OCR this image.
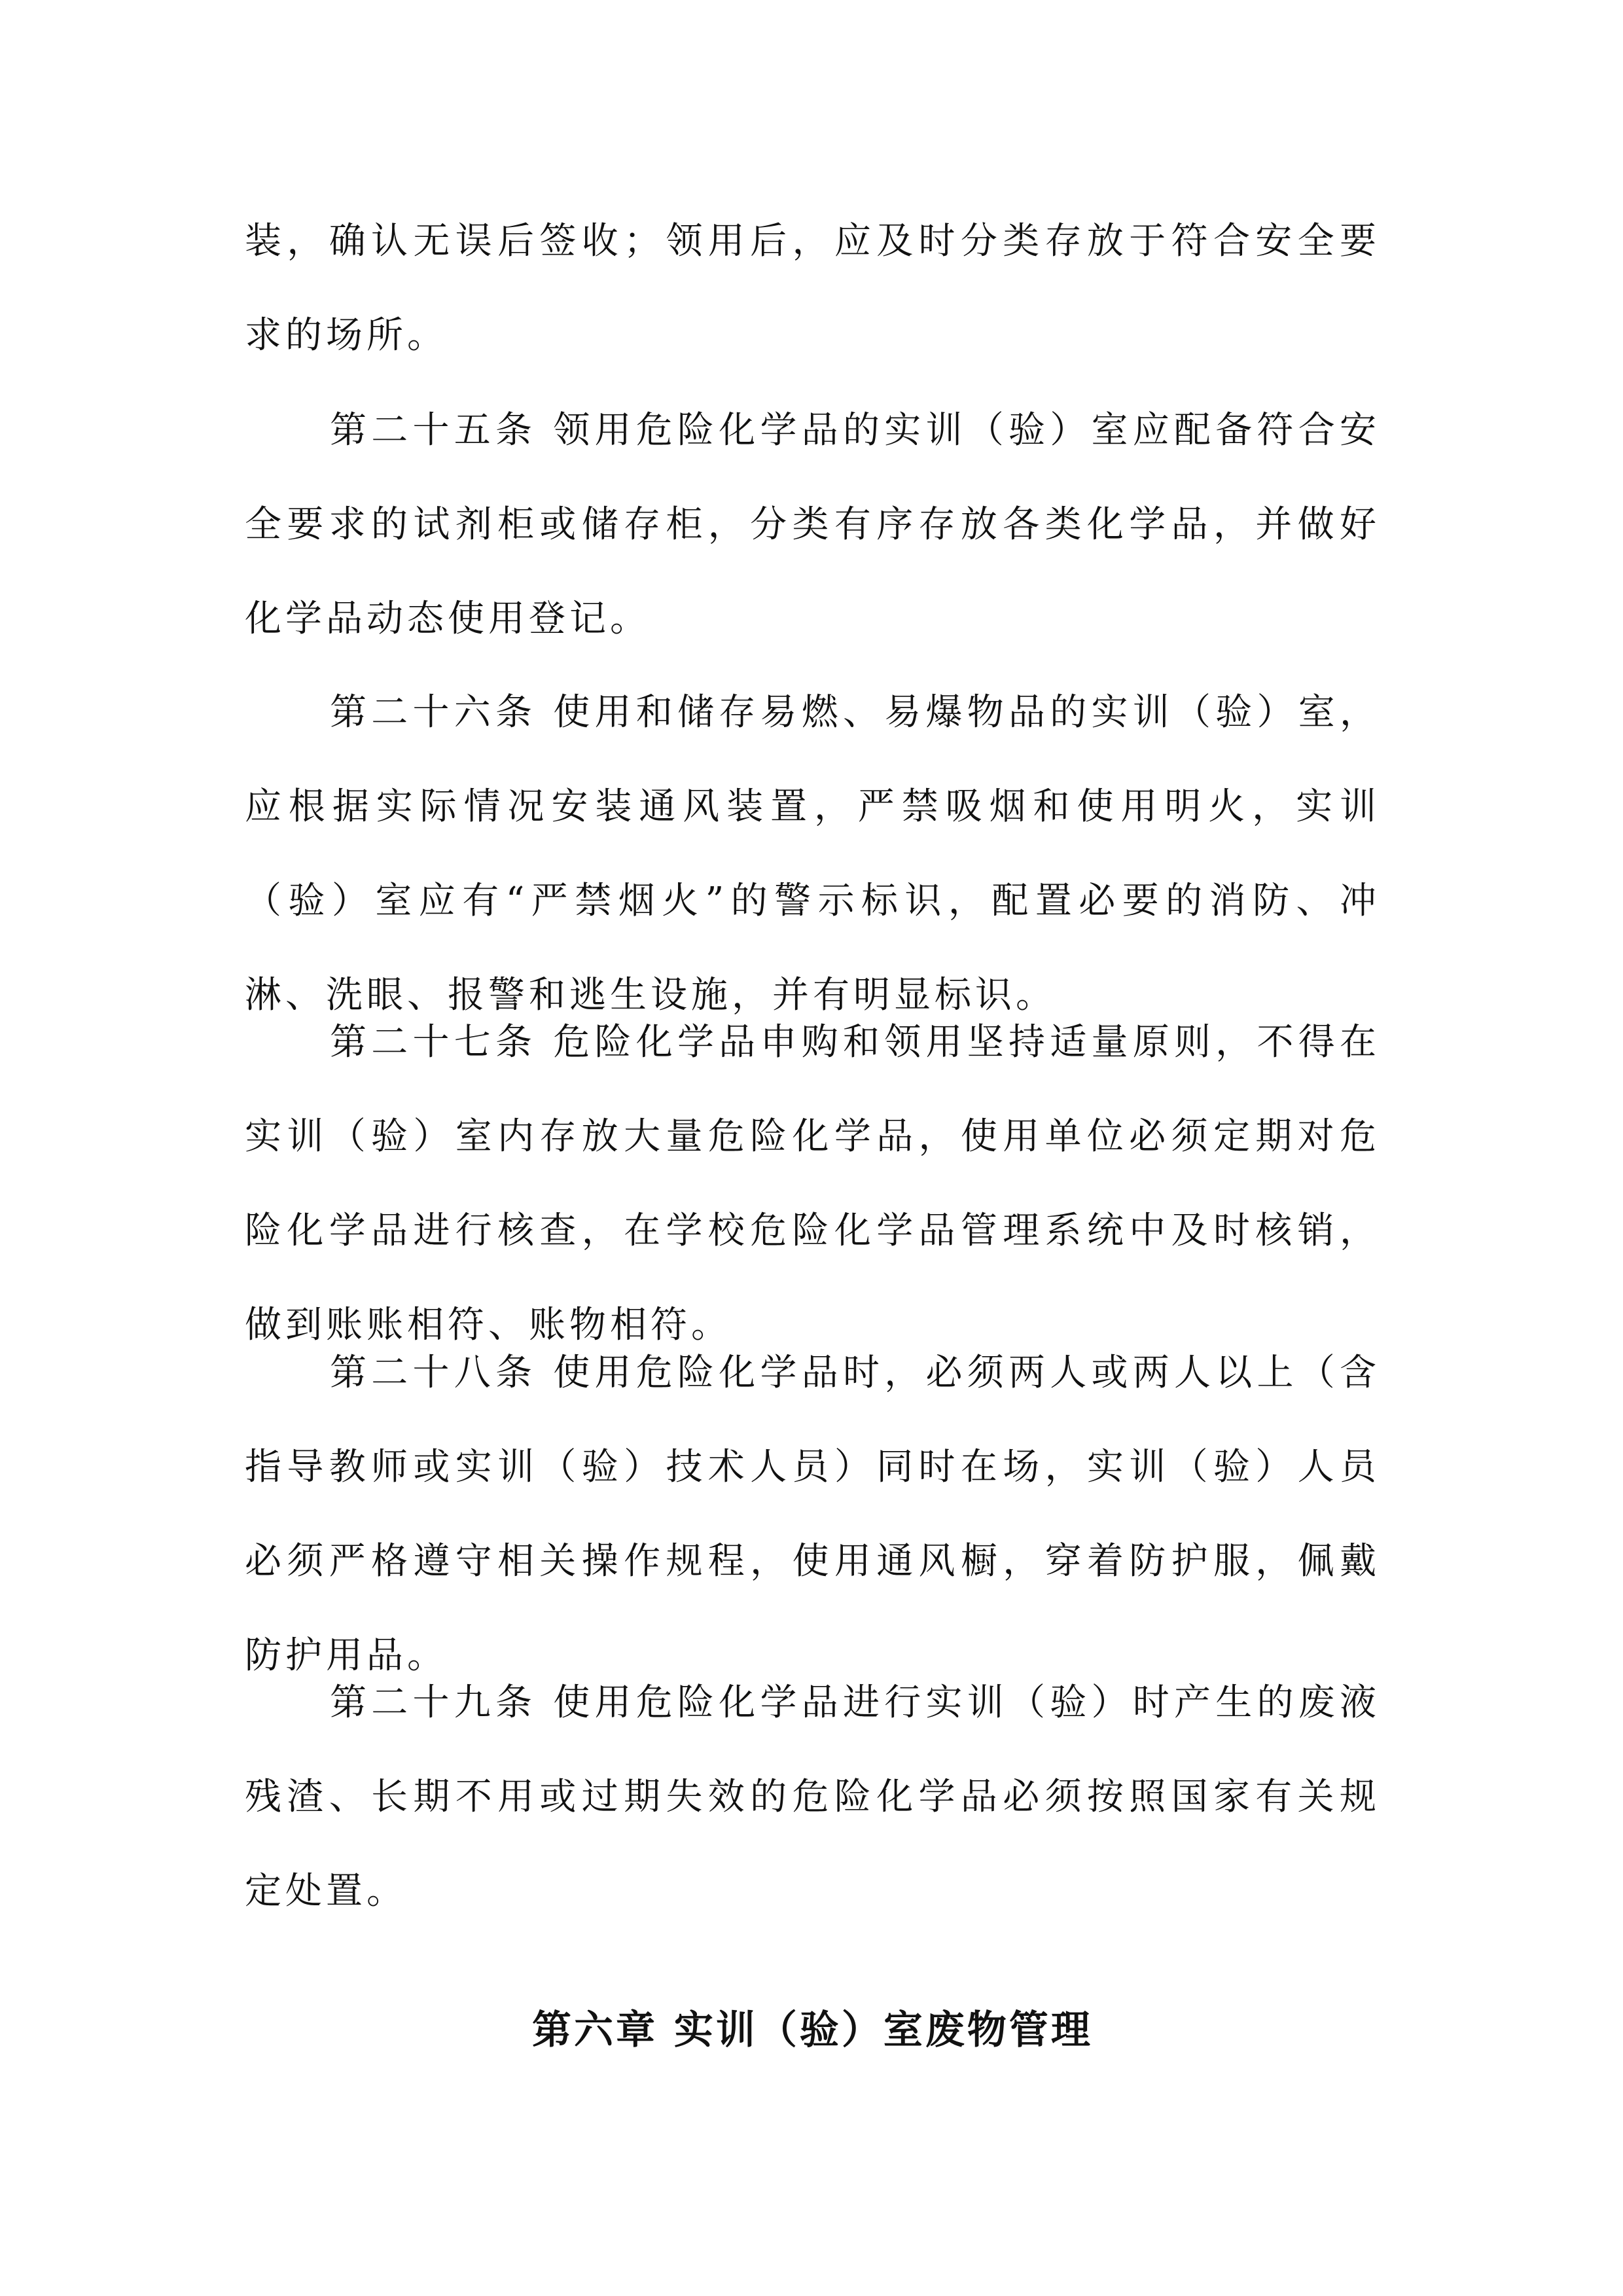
装，确认无误后签收；领用后，应及时分类存放于符合安全要求的场所。

第二十五条 领用危险化学品的实训（验）室应配备符合安全要求的试剂柜或储存柜，分类有序存放各类化学品，并做好化学品动态使用登记。

第二十六条 使用和储存易燃、易爆物品的实训（验）室，应根据实际情况安装通风装置，严禁吸烟和使用明火，实训（验）室应有“严禁烟火”的警示标识，配置必要的消防、冲淋、洗眼、报警和逃生设施，并有明显标识。

第二十七条 危险化学品申购和领用坚持适量原则，不得在实训（验）室内存放大量危险化学品，使用单位必须定期对危险化学品进行核查，在学校危险化学品管理系统中及时核销，做到账账相符、账物相符。

第二十八条 使用危险化学品时，必须两人或两人以上（含指导教师或实训（验）技术人员）同时在场，实训（验）人员必须严格遵守相关操作规程，使用通风橱，穿着防护服，佩戴防护用品。

第二十九条 使用危险化学品进行实训（验）时产生的废液残渣、长期不用或过期失效的危险化学品必须按照国家有关规定处置。

第六章 实训（验）室废物管理
